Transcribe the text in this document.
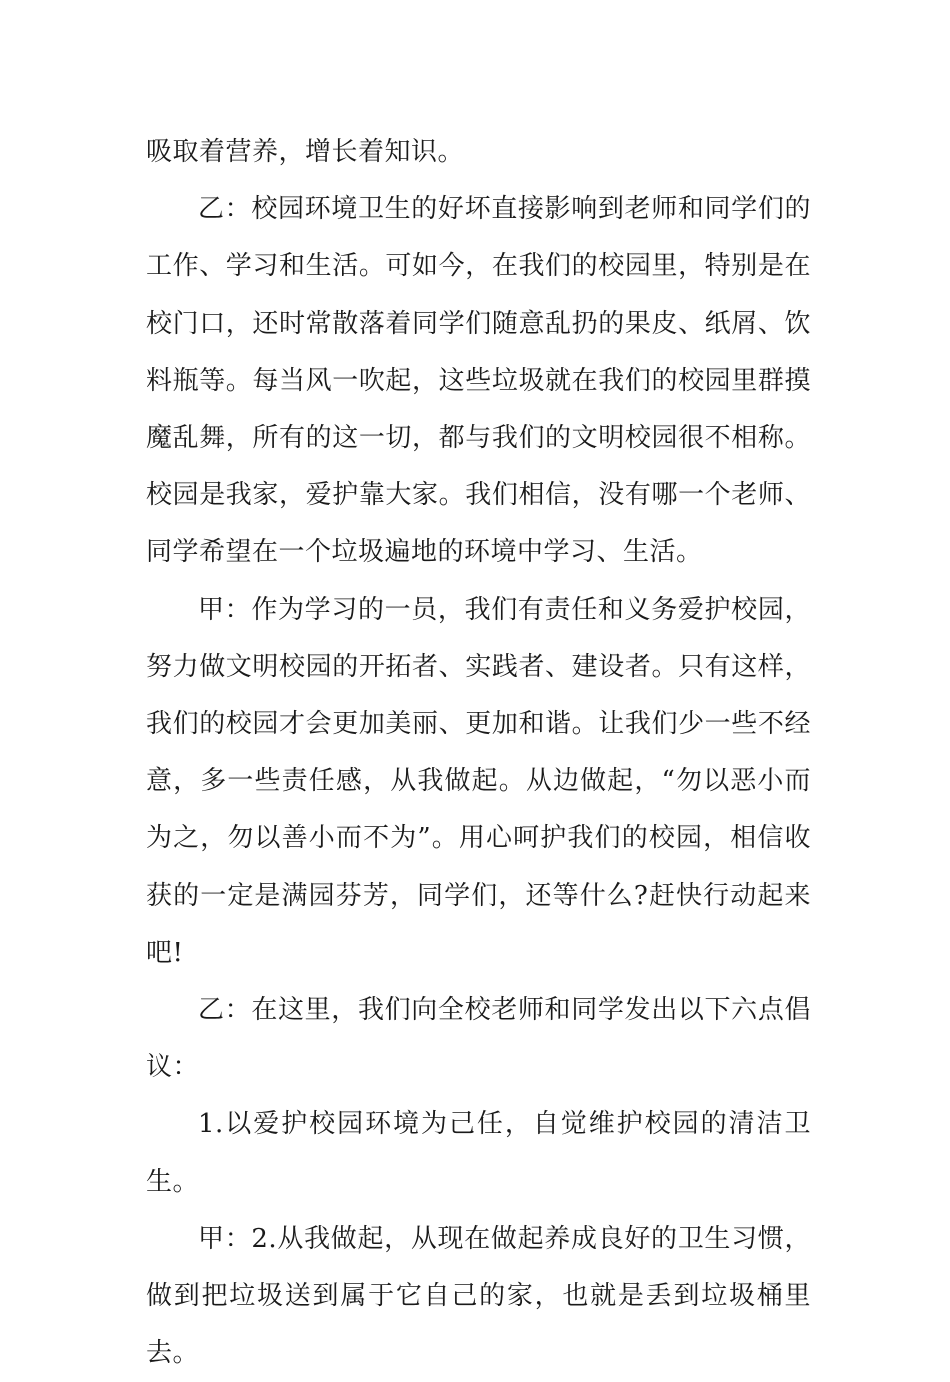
吸取着营养，增长着知识。

乙：校园环境卫生的好坏直接影响到老师和同学们的工作、学习和生活。可如今，在我们的校园里，特别是在校门口，还时常散落着同学们随意乱扔的果皮、纸屑、饮料瓶等。每当风一吹起，这些垃圾就在我们的校园里群摸魔乱舞，所有的这一切，都与我们的文明校园很不相称。校园是我家，爱护靠大家。我们相信，没有哪一个老师、同学希望在一个垃圾遍地的环境中学习、生活。

甲：作为学习的一员，我们有责任和义务爱护校园，努力做文明校园的开拓者、实践者、建设者。只有这样，我们的校园才会更加美丽、更加和谐。让我们少一些不经意，多一些责任感，从我做起。从边做起，“勿以恶小而为之，勿以善小而不为”。用心呵护我们的校园，相信收获的一定是满园芬芳，同学们，还等什么?赶快行动起来吧!

乙：在这里，我们向全校老师和同学发出以下六点倡议：

1.以爱护校园环境为己任，自觉维护校园的清洁卫生。

甲：2.从我做起，从现在做起养成良好的卫生习惯，做到把垃圾送到属于它自己的家，也就是丢到垃圾桶里去。
